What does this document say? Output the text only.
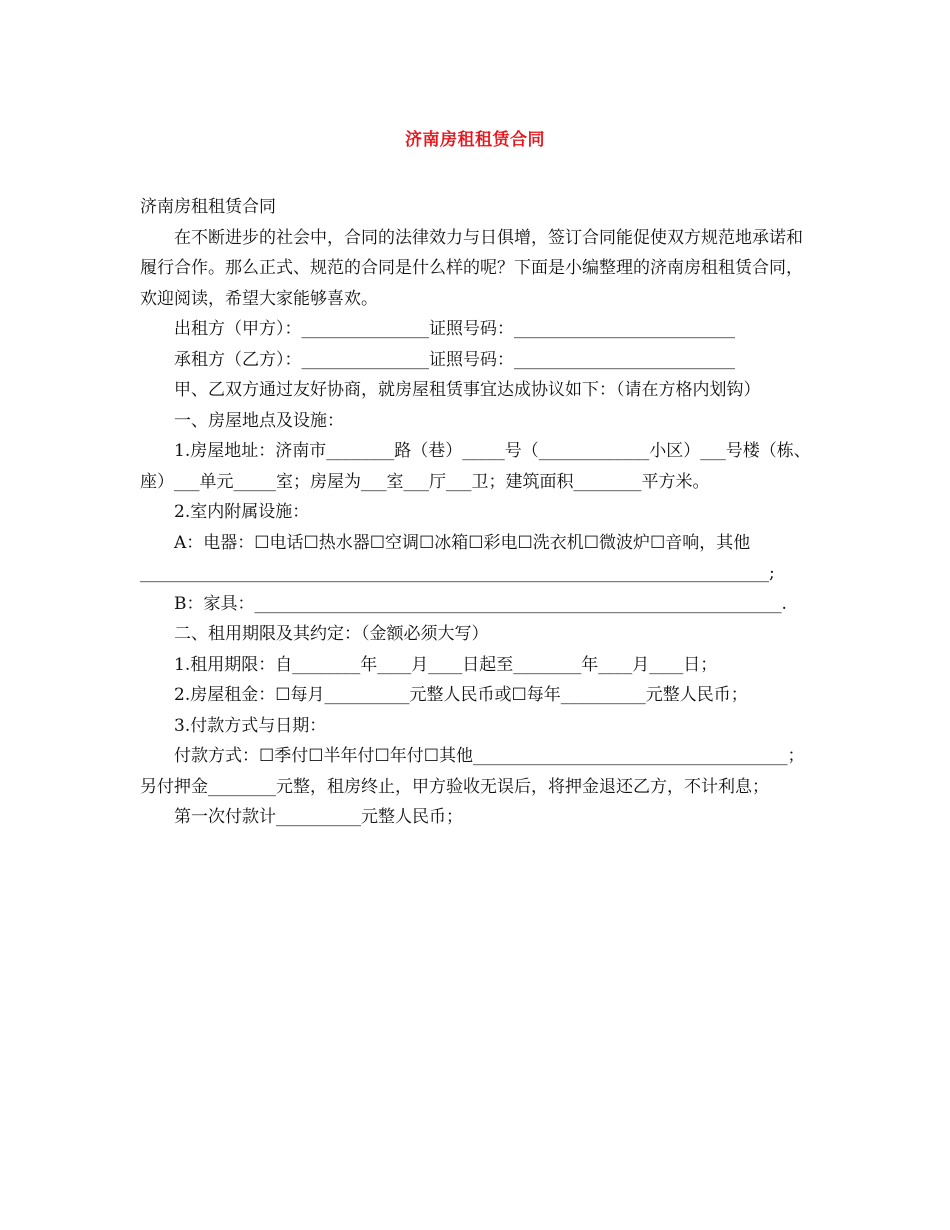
济南房租租赁合同

济南房租租赁合同

在不断进步的社会中，合同的法律效力与日俱增，签订合同能促使双方规范地承诺和履行合作。那么正式、规范的合同是什么样的呢？下面是小编整理的济南房租租赁合同，欢迎阅读，希望大家能够喜欢。

出租方（甲方）：_______________证照号码：__________________________

承租方（乙方）：_______________证照号码：__________________________

甲、乙双方通过友好协商，就房屋租赁事宜达成协议如下：（请在方格内划钩）

一、房屋地点及设施：

1.房屋地址：济南市________路（巷）_____号（_____________小区）___号楼（栋、座）___单元_____室；房屋为___室___厅___卫；建筑面积________平方米。

2.室内附属设施：

A：电器：☐电话☐热水器☐空调☐冰箱☐彩电☐洗衣机☐微波炉☐音响，其他__________________________________________________________________________;

B：家具：______________________________________________________________.

二、租用期限及其约定：（金额必须大写）

1.租用期限：自________年____月____日起至________年____月____日；

2.房屋租金：☐每月__________元整人民币或☐每年__________元整人民币；

3.付款方式与日期：

付款方式：☐季付☐半年付☐年付☐其他_____________________________________；另付押金________元整，租房终止，甲方验收无误后，将押金退还乙方，不计利息；

第一次付款计__________元整人民币；
